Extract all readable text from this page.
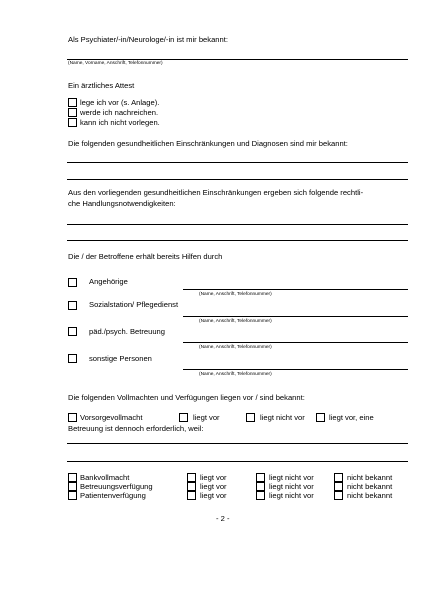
Als Psychiater/-in/Neurologe/-in ist mir bekannt:
(Name, Vorname, Anschrift, Telefonnummer)
Ein ärztliches Attest
lege ich vor (s. Anlage).
werde ich nachreichen.
kann ich nicht vorlegen.
Die folgenden gesundheitlichen Einschränkungen und Diagnosen sind mir bekannt:
Aus den vorliegenden gesundheitlichen Einschränkungen ergeben sich folgende rechtli-
che Handlungsnotwendigkeiten:
Die / der Betroffene erhält bereits Hilfen durch
Angehörige
(Name, Anschrift, Telefonnummer)
Sozialstation/ Pflegedienst
(Name, Anschrift, Telefonnummer)
päd./psych. Betreuung
(Name, Anschrift, Telefonnummer)
sonstige Personen
(Name, Anschrift, Telefonnummer)
Die folgenden Vollmachten und Verfügungen liegen vor / sind bekannt:
Vorsorgevollmacht	liegt vor	liegt nicht vor	liegt vor, eine
Betreuung ist dennoch erforderlich, weil:
Bankvollmacht	liegt vor	liegt nicht vor	nicht bekannt
Betreuungsverfügung	liegt vor	liegt nicht vor	nicht bekannt
Patientenverfügung	liegt vor	liegt nicht vor	nicht bekannt
- 2 -
